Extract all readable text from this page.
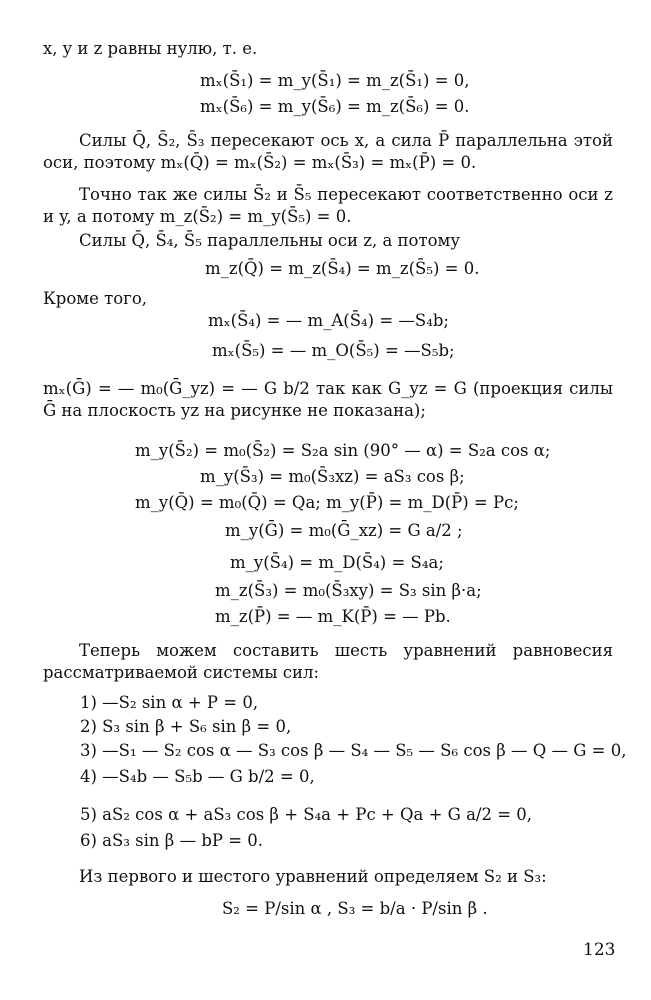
x, y и z равны нулю, т. е.
mₓ(S̄₁) = m_y(S̄₁) = m_z(S̄₁) = 0,
mₓ(S̄₆) = m_y(S̄₆) = m_z(S̄₆) = 0.
Силы Q̄, S̄₂, S̄₃ пересекают ось x, а сила P̄ параллельна этой оси, поэтому mₓ(Q̄) = mₓ(S̄₂) = mₓ(S̄₃) = mₓ(P̄) = 0.
Точно так же силы S̄₂ и S̄₅ пересекают соответственно оси z и y, а потому m_z(S̄₂) = m_y(S̄₅) = 0.
Силы Q̄, S̄₄, S̄₅ параллельны оси z, а потому
m_z(Q̄) = m_z(S̄₄) = m_z(S̄₅) = 0.
Кроме того,
mₓ(S̄₄) = — m_A(S̄₄) = —S₄b;
mₓ(S̄₅) = — m_O(S̄₅) = —S₅b;
mₓ(Ḡ) = — m₀(Ḡ_yz) = — G b/2 так как G_yz = G (проекция силы Ḡ на плоскость yz на рисунке не показана);
m_y(S̄₂) = m₀(S̄₂) = S₂a sin (90° — α) = S₂a cos α;
m_y(S̄₃) = m₀(S̄₃xz) = aS₃ cos β;
m_y(Q̄) = m₀(Q̄) = Qa; m_y(P̄) = m_D(P̄) = Pc;
m_y(Ḡ) = m₀(Ḡ_xz) = G a/2 ;
m_y(S̄₄) = m_D(S̄₄) = S₄a;
m_z(S̄₃) = m₀(S̄₃xy) = S₃ sin β·a;
m_z(P̄) = — m_K(P̄) = — Pb.
Теперь можем составить шесть уравнений равновесия рассматриваемой системы сил:
1) —S₂ sin α + P = 0,
2) S₃ sin β + S₆ sin β = 0,
3) —S₁ — S₂ cos α — S₃ cos β — S₄ — S₅ — S₆ cos β — Q — G = 0,
4) —S₄b — S₅b — G b/2 = 0,
5) aS₂ cos α + aS₃ cos β + S₄a + Pc + Qa + G a/2 = 0,
6) aS₃ sin β — bP = 0.
Из первого и шестого уравнений определяем S₂ и S₃:
S₂ = P/sin α , S₃ = b/a · P/sin β .
123
